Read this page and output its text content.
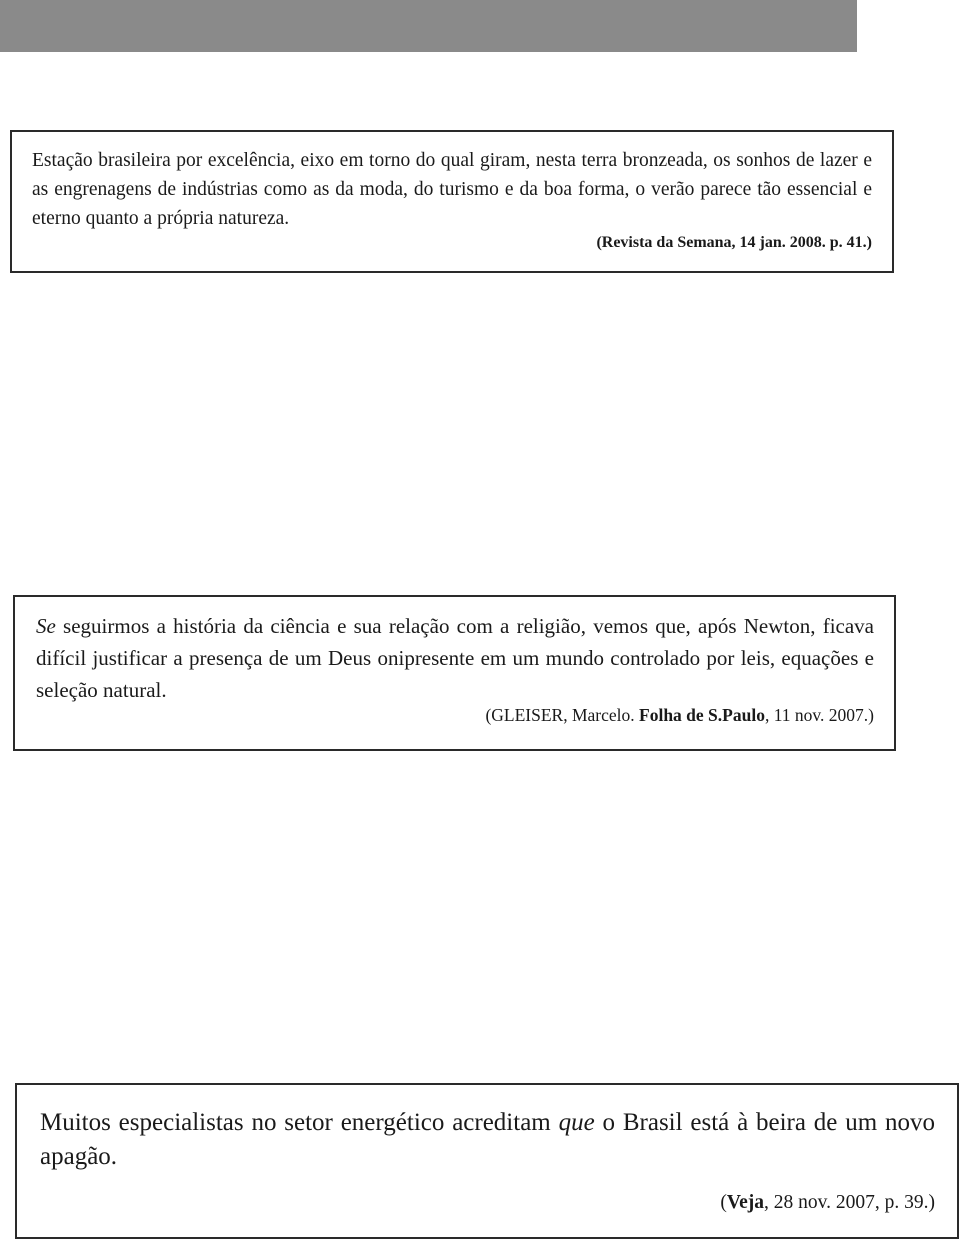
Estação brasileira por excelência, eixo em torno do qual giram, nesta terra bronzeada, os sonhos de lazer e as engrenagens de indústrias como as da moda, do turismo e da boa forma, o verão parece tão essencial e eterno quanto a própria natureza.

(Revista da Semana, 14 jan. 2008. p. 41.)

Se seguirmos a história da ciência e sua relação com a religião, vemos que, após Newton, ficava difícil justificar a presença de um Deus onipresente em um mundo controlado por leis, equações e seleção natural.

(GLEISER, Marcelo. Folha de S.Paulo, 11 nov. 2007.)

Muitos especialistas no setor energético acreditam que o Brasil está à beira de um novo apagão.

(Veja, 28 nov. 2007, p. 39.)
